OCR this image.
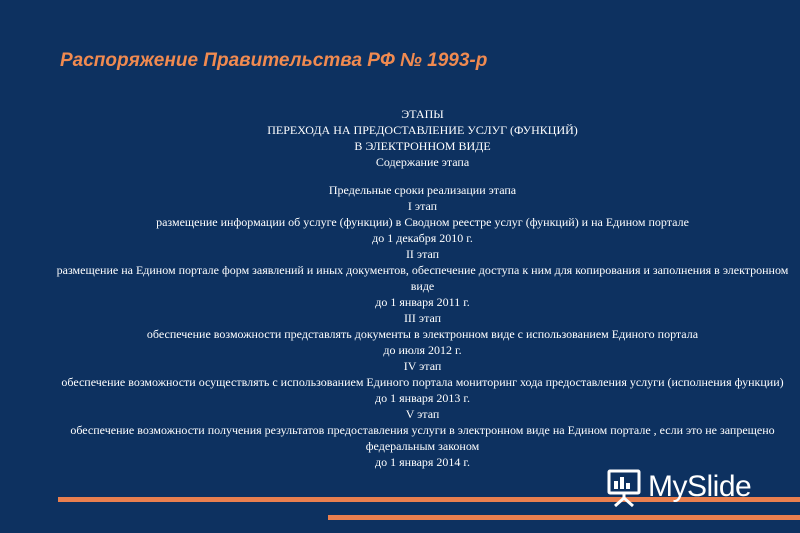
Распоряжение Правительства РФ № 1993-р
ЭТАПЫ
ПЕРЕХОДА НА ПРЕДОСТАВЛЕНИЕ УСЛУГ (ФУНКЦИЙ)
В ЭЛЕКТРОННОМ ВИДЕ
Содержание этапа
Предельные сроки реализации этапа
I этап
размещение информации об услуге (функции) в Сводном реестре услуг (функций) и на Едином портале
до 1 декабря 2010 г.
II этап
размещение на Едином портале форм заявлений и иных документов, обеспечение доступа к ним для копирования и заполнения в электронном виде
до 1 января 2011 г.
III этап
обеспечение возможности представлять документы в электронном виде с использованием Единого портала
до июля 2012 г.
IV этап
обеспечение возможности осуществлять с использованием Единого портала мониторинг хода предоставления услуги (исполнения функции)
до 1 января 2013 г.
V этап
обеспечение возможности получения результатов предоставления услуги в электронном виде на Едином портале , если это не запрещено федеральным законом
до 1 января 2014 г.
MySlide
